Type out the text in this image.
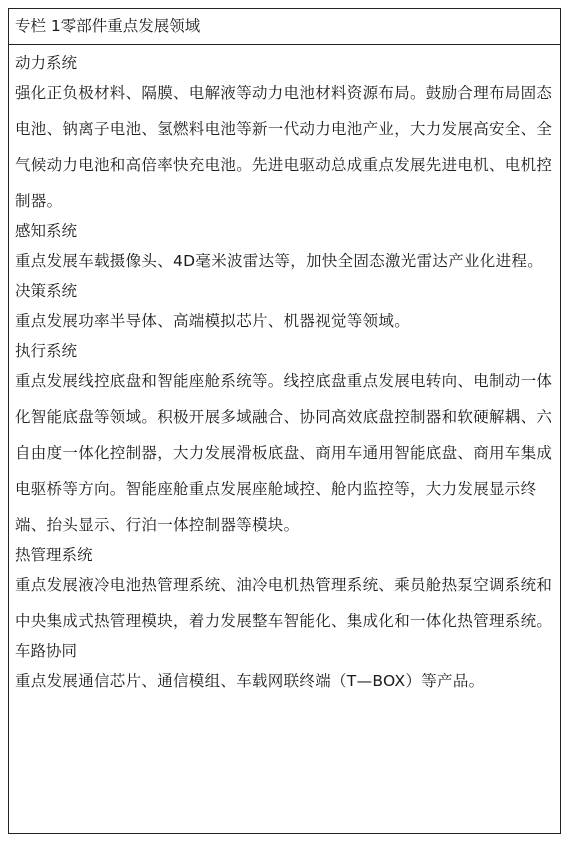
专栏 1零部件重点发展领域

动力系统

强化正负极材料、隔膜、电解液等动力电池材料资源布局。鼓励合理布局固态电池、钠离子电池、氢燃料电池等新一代动力电池产业，大力发展高安全、全气候动力电池和高倍率快充电池。先进电驱动总成重点发展先进电机、电机控制器。

感知系统

重点发展车载摄像头、4D毫米波雷达等，加快全固态激光雷达产业化进程。

决策系统

重点发展功率半导体、高端模拟芯片、机器视觉等领域。

执行系统

重点发展线控底盘和智能座舱系统等。线控底盘重点发展电转向、电制动一体化智能底盘等领域。积极开展多域融合、协同高效底盘控制器和软硬解耦、六自由度一体化控制器，大力发展滑板底盘、商用车通用智能底盘、商用车集成电驱桥等方向。智能座舱重点发展座舱域控、舱内监控等，大力发展显示终端、抬头显示、行泊一体控制器等模块。

热管理系统

重点发展液冷电池热管理系统、油冷电机热管理系统、乘员舱热泵空调系统和中央集成式热管理模块，着力发展整车智能化、集成化和一体化热管理系统。

车路协同

重点发展通信芯片、通信模组、车载网联终端（T—BOX）等产品。
